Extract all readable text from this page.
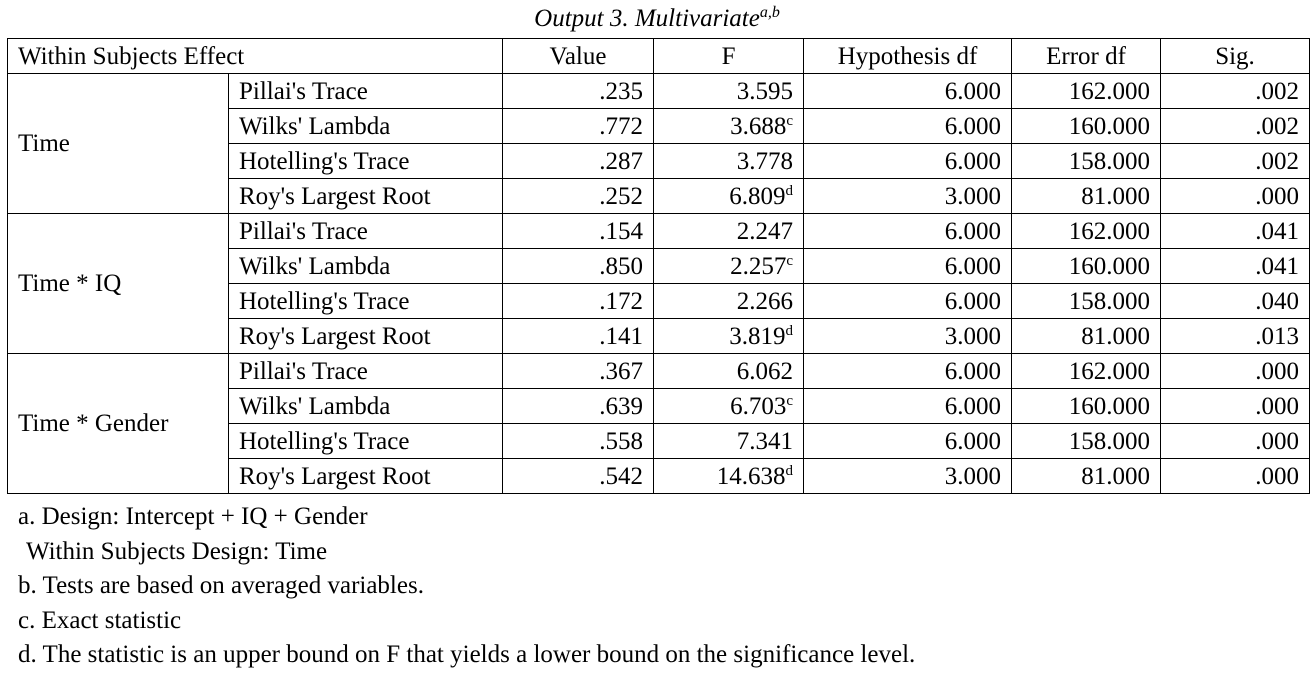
Output 3. Multivariate$^{a,b}$
Within Subjects Effect		Value	F	Hypothesis df	Error df	Sig.
Time	Pillai's Trace	.235	3.595	6.000	162.000	.002
	Wilks' Lambda	.772	3.688$^c$	6.000	160.000	.002
	Hotelling's Trace	.287	3.778	6.000	158.000	.002
	Roy's Largest Root	.252	6.809$^d$	3.000	81.000	.000
Time * IQ	Pillai's Trace	.154	2.247	6.000	162.000	.041
	Wilks' Lambda	.850	2.257$^c$	6.000	160.000	.041
	Hotelling's Trace	.172	2.266	6.000	158.000	.040
	Roy's Largest Root	.141	3.819$^d$	3.000	81.000	.013
Time * Gender	Pillai's Trace	.367	6.062	6.000	162.000	.000
	Wilks' Lambda	.639	6.703$^c$	6.000	160.000	.000
	Hotelling's Trace	.558	7.341	6.000	158.000	.000
	Roy's Largest Root	.542	14.638$^d$	3.000	81.000	.000
a. Design: Intercept + IQ + Gender
Within Subjects Design: Time
b. Tests are based on averaged variables.
c. Exact statistic
d. The statistic is an upper bound on F that yields a lower bound on the significance level.
